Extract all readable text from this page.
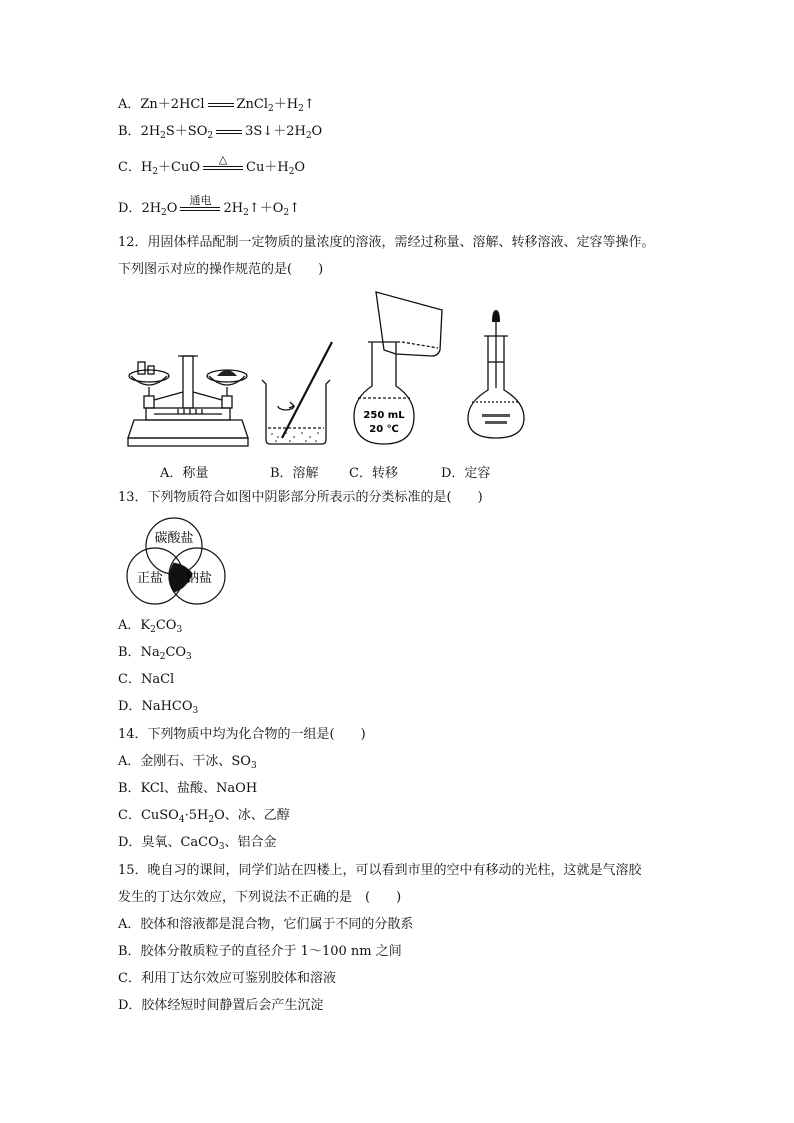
A．Zn＋2HCl $ZnCl_2+H_2↑$
B．$2H_2S+SO_2$ $3S↓+2H_2O$
C．$H_2+CuO$
△
$Cu+H_2O$
D．$2H_2O$
通电
$2H_2↑+O_2↑$
12．用固体样品配制一定物质的量浓度的溶液，需经过称量、溶解、转移溶液、定容等操作。
下列图示对应的操作规范的是(　　)
250 mL
20 ℃
A．称量	B．溶解 C．转移	D．定容
13．下列物质符合如图中阴影部分所表示的分类标准的是(　　)
碳酸盐
正盐 钠盐
A．$K_2CO_3$
B．$Na_2CO_3$
C．NaCl
D．NaHCO$_3$
14．下列物质中均为化合物的一组是(　　)
A．金刚石、干冰、$SO_3$
B．KCl、盐酸、NaOH
C．$CuSO_4\cdot 5H_2O$、冰、乙醇
D．臭氧、CaCO$_3$、铝合金
15．晚自习的课间，同学们站在四楼上，可以看到市里的空中有移动的光柱，这就是气溶胶
发生的丁达尔效应，下列说法不正确的是　(　　)
A．胶体和溶液都是混合物，它们属于不同的分散系
B．胶体分散质粒子的直径介于 1～100 nm 之间
C．利用丁达尔效应可鉴别胶体和溶液
D．胶体经短时间静置后会产生沉淀
